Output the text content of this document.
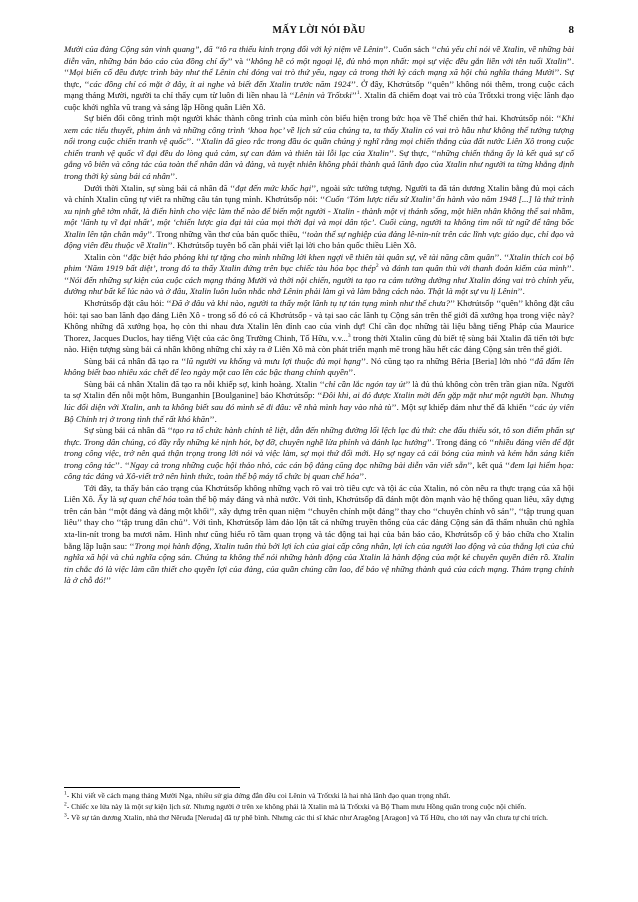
MẤY LỜI NÓI ĐẦU	8

Mười của đảng Cộng sản vinh quang”, đã ‘‘tô ra thiếu kinh trọng đối với ký niệm về Lênin’’. Cuốn sách ‘‘chủ yếu chỉ nói về Xtalin, về những bài diễn văn, những bản báo cáo của đồng chí ấy’’ và ‘‘không hề có một ngoại lệ, đủ nhỏ mọn nhất: mọi sự việc đều gắn liền với tên tuổi Xtalin’’. ‘‘Mọi biến cố đều được trình bày như thể Lênin chỉ đóng vai trò thứ yếu, ngay cả trong thời kỳ cách mạng xã hội chủ nghĩa tháng Mười’’. Sự thực, ‘‘các đồng chí có mặt ở đây, ít ai nghe và biết đến Xtalin trước năm 1924’’. Ở đây, Khơrútsốp ‘‘quên’’ không nói thêm, trong cuộc cách mạng tháng Mười, người ta chỉ thấy cụm từ luôn đi liền nhau là ‘‘Lênin và Trốtxki’’$^1$. Xtalin đã chiếm đoạt vai trò của Trốtxki trong việc lãnh đạo cuộc khởi nghĩa vũ trang và sáng lập Hồng quân Liên Xô.

Sự biến đổi công trình một người khác thành công trình của mình còn biểu hiện trong bức họa về Thế chiến thứ hai. Khơrútsốp nói: ‘‘Khi xem các tiểu thuyết, phim ảnh và những công trình ‘khoa học’ về lịch sử của chúng ta, ta thấy Xtalin có vai trò hầu như không thể tưởng tượng nổi trong cuộc chiến tranh vệ quốc’’. ‘‘Xtalin đã gieo rắc trong đầu óc quần chúng ý nghĩ rằng mọi chiến thắng của đất nước Liên Xô trong cuộc chiến tranh vệ quốc vĩ đại đều do lòng quả cảm, sự can đảm và thiên tài lỗi lạc của Xtalin’’. Sự thực, ‘‘những chiến thắng ấy là kết quả sự cố gắng vô biên và công tác của toàn thể nhân dân và đảng, và tuyệt nhiên không phải thành quả lãnh đạo của Xtalin như người ta từng khẳng định trong thời kỳ sùng bái cá nhân’’.

Dưới thời Xtalin, sự sùng bái cá nhân đã ‘‘đạt đến mức khốc hại’’, ngoài sức tưởng tượng. Người ta đã tán dương Xtalin bằng đủ mọi cách và chính Xtalin cũng tự viết ra những câu tán tụng mình. Khơrútsốp nói: ‘‘Cuốn ‘Tóm lược tiểu sử Xtalin’ ấn hành vào năm 1948 [...] là thứ trình xu nịnh ghê tởm nhất, là điển hình cho việc làm thế nào để biến một người - Xtalin - thành một vị thánh sống, một hiền nhân không thể sai nhầm, một ‘lãnh tụ vĩ đại nhất’, một ‘chiến lược gia đại tài của mọi thời đại và mọi dân tộc’. Cuối cùng, người ta không tìm nổi từ ngữ để tâng bốc Xtalin lên tận chân mây’’. Trong những vần thơ của bản quốc thiều, ‘‘toàn thể sự nghiệp của đảng lê-nin-nít trên các lĩnh vực giáo dục, chỉ đạo và động viên đều thuộc về Xtalin’’. Khơrútsốp tuyên bố cần phải viết lại lời cho bản quốc thiều Liên Xô.

Xtalin còn ‘‘đặc biệt háo phỏng khi tự tặng cho mình những lời khen ngợi về thiên tài quân sự, về tài năng cầm quân’’. ‘‘Xtalin thích coi bộ phim ‘Năm 1919 bất diệt’, trong đó ta thấy Xtalin đứng trên bục chiếc tàu hỏa bọc thép$^2$ và đánh tan quân thù với thanh đoản kiếm của mình’’. ‘‘Nói đến những sự kiện của cuộc cách mạng tháng Mười và thời nội chiến, người ta tạo ra cảm tưởng dường như Xtalin đóng vai trò chính yếu, dường như bất kể lúc nào và ở đâu, Xtalin luôn luôn nhắc nhở Lênin phải làm gì và làm bằng cách nào. Thật là một sự vu lị Lênin’’.

Khơrútsốp đặt câu hỏi: ‘‘Đã ở đâu và khi nào, người ta thấy một lãnh tụ tự tán tụng mình như thế chưa?’’ Khơrútsốp ‘‘quên’’ không đặt câu hỏi: tại sao ban lãnh đạo đảng Liên Xô - trong số đó có cả Khơrútsốp - và tại sao các lãnh tụ Cộng sản trên thế giới đã xướng họa trong việc này? Không những đã xướng họa, họ còn thi nhau đưa Xtalin lên đỉnh cao của vinh dự! Chỉ cần đọc những tài liệu bằng tiếng Pháp của Maurice Thorez, Jacques Duclos, hay tiếng Việt của các ông Trường Chinh, Tố Hữu, v.v...$^3$ trong thời Xtalin cũng đủ biết tệ sùng bái Xtalin đã tiến tới bực nào. Hiện tượng sùng bái cá nhân không những chỉ xảy ra ở Liên Xô mà còn phát triển mạnh mẽ trong hầu hết các đảng Cộng sản trên thế giới.

Sùng bái cá nhân đã tạo ra ‘‘lũ người vu khống và mưu lợi thuộc đủ mọi hạng’’. Nó cũng tạo ra những Bêria [Beria] lớn nhỏ ‘‘đã đẩm lên không biết bao nhiêu xác chết để leo ngày một cao lên các bậc thang chính quyền’’.

Sùng bái cá nhân Xtalin đã tạo ra nỗi khiếp sợ, kinh hoàng. Xtalin ‘‘chỉ cần lắc ngón tay út’’ là đủ thủ không còn trên trần gian nữa. Người ta sợ Xtalin đến nỗi một hôm, Bunganhin [Boulganine] bảo Khơrútsốp: ‘‘Đôi khi, ai đó được Xtalin mời đến gặp mặt như một người bạn. Nhưng lúc đối diện với Xtalin, anh ta không biết sau đó mình sẽ đi đâu: về nhà mình hay vào nhà tù’’. Một sự khiếp đảm như thế đã khiến ‘‘các ủy viên Bộ Chính trị ở trong tình thế rất khó khăn’’.

Sự sùng bái cá nhân đã ‘‘tạo ra tổ chức hành chính tê liệt, dẫn đến những đường lối lệch lạc đủ thứ: che đấu thiếu sót, tô son điểm phấn sự thực. Trong dân chúng, có đầy rẫy những kẻ nịnh hót, bợ đỡ, chuyên nghề lừa phỉnh và đánh lạc hướng’’. Trong đảng có ‘‘nhiều đảng viên để đặt trong công việc, trở nên quá thận trọng trong lời nói và việc làm, sợ mọi thứ đổi mới. Họ sợ ngay cả cái bóng của mình và kém hẳn sáng kiến trong công tác’’. ‘‘Ngay cả trong những cuộc hội thảo nhỏ, các cán bộ đảng cũng đọc những bài diễn văn viết sẵn’’, kết quả ‘‘đem lại hiểm họa: công tác đảng và Xô-viết trở nên hình thức, toàn thể bộ máy tổ chức bị quan chế hóa’’.

Tới đây, ta thấy bản cáo trạng của Khơrútsốp không những vạch rõ vai trò tiêu cực và tội ác của Xtalin, nó còn nêu ra thực trạng của xã hội Liên Xô. Ấy là sự quan chế hóa toàn thể bộ máy đảng và nhà nước. Với tình, Khơrútsốp đã đánh một đòn mạnh vào hệ thống quan liêu, xây dựng trên cán bàn ‘‘một đảng và đảng một khối’’, xây dựng trên quan niệm ‘‘chuyên chính một đảng’’ thay cho ‘‘chuyên chính vô sản’’, ‘‘tập trung quan liêu’’ thay cho ‘‘tập trung dân chủ’’. Với tình, Khơrútsốp làm đảo lộn tất cả những truyền thống của các đảng Cộng sản đã thấm nhuần chủ nghĩa xta-lin-nít trong ba mươi năm. Hình như cũng hiểu rõ tầm quan trọng và tác động tai hại của bản báo cáo, Khơrútsốp cố ý báo chữa cho Xtalin bằng lập luận sau: ‘‘Trong mọi hành động, Xtalin tuân thủ bởi lợi ích của giai cấp công nhân, lợi ích của người lao động và của thắng lợi của chủ nghĩa xã hội và chủ nghĩa cộng sản. Chúng ta không thể nói những hành động của Xtalin là hành động của một kẻ chuyên quyền điên rồ. Xtalin tin chắc đó là việc làm cần thiết cho quyền lợi của đảng, của quần chúng cần lao, để bảo vệ những thành quả của cách mạng. Thảm trạng chính là ở chỗ đó!’’

$^1$- Khi viết về cách mạng tháng Mười Nga, nhiều sử gia đứng đắn đều coi Lênin và Trốtxki là hai nhà lãnh đạo quan trọng nhất.

$^2$- Chiếc xe lửa này là một sự kiện lịch sử. Nhưng người ở trên xe không phải là Xtalin mà là Trốtxki và Bộ Tham mưu Hồng quân trong cuộc nội chiến.

$^3$- Về sự tán dương Xtalin, nhà thơ Nêruđa [Neruda] đã tự phê bình. Nhưng các thi sĩ khác như Aragông [Aragon] và Tố Hữu, cho tới nay vẫn chưa tự chỉ trích.
